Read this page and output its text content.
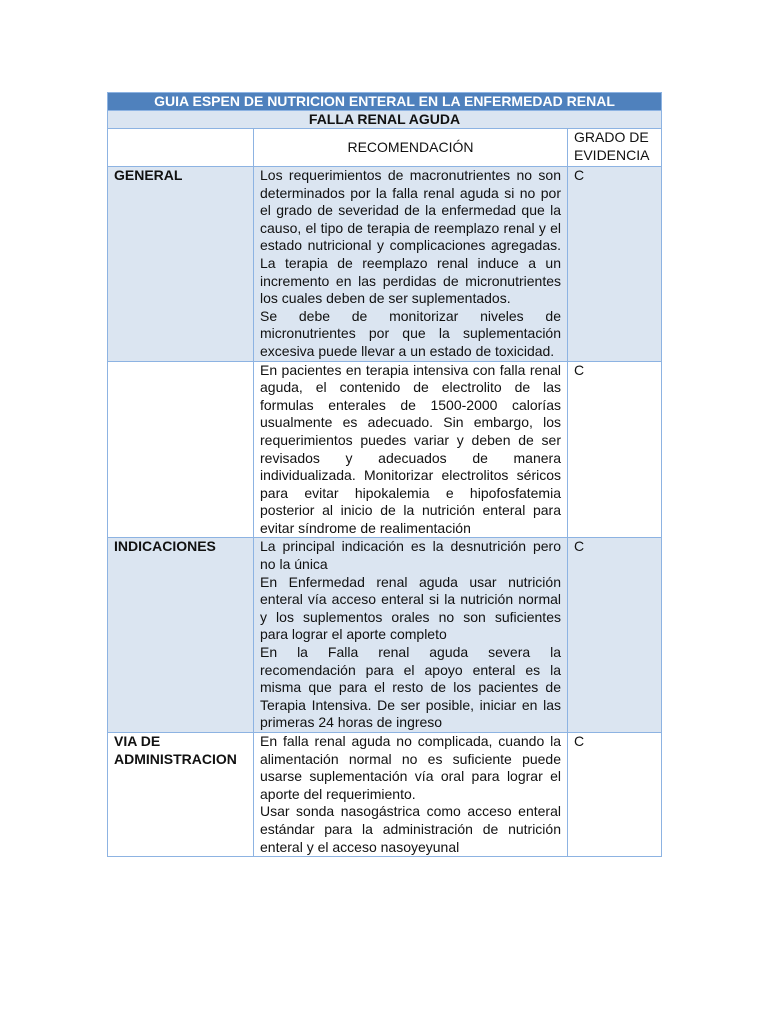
GUIA ESPEN DE NUTRICION ENTERAL EN LA ENFERMEDAD RENAL		
FALLA RENAL AGUDA		
	RECOMENDACIÓN	GRADO DE EVIDENCIA
GENERAL	Los requerimientos de macronutrientes no son determinados por la falla renal aguda si no por el grado de severidad de la enfermedad que la causo, el tipo de terapia de reemplazo renal y el estado nutricional y complicaciones agregadas. La terapia de reemplazo renal induce a un incremento en las perdidas de micronutrientes los cuales deben de ser suplementados.

Se debe de monitorizar niveles de micronutrientes por que la suplementación excesiva puede llevar a un estado de toxicidad.	C

	En pacientes en terapia intensiva con falla renal aguda, el contenido de electrolito de las formulas enterales de 1500-2000 calorías usualmente es adecuado. Sin embargo, los requerimientos puedes variar y deben de ser revisados y adecuados de manera individualizada. Monitorizar electrolitos séricos para evitar hipokalemia e hipofosfatemia posterior al inicio de la nutrición enteral para evitar síndrome de realimentación	C
INDICACIONES	La principal indicación es la desnutrición pero no la única

En Enfermedad renal aguda usar nutrición enteral vía acceso enteral si la nutrición normal y los suplementos orales no son suficientes para lograr el aporte completo

En la Falla renal aguda severa la recomendación para el apoyo enteral es la misma que para el resto de los pacientes de Terapia Intensiva. De ser posible, iniciar en las primeras 24 horas de ingreso	C
VIA DE ADMINISTRACION	En falla renal aguda no complicada, cuando la alimentación normal no es suficiente puede usarse suplementación vía oral para lograr el aporte del requerimiento.

Usar sonda nasogástrica como acceso enteral estándar para la administración de nutrición enteral y el acceso nasoyeyunal	C
